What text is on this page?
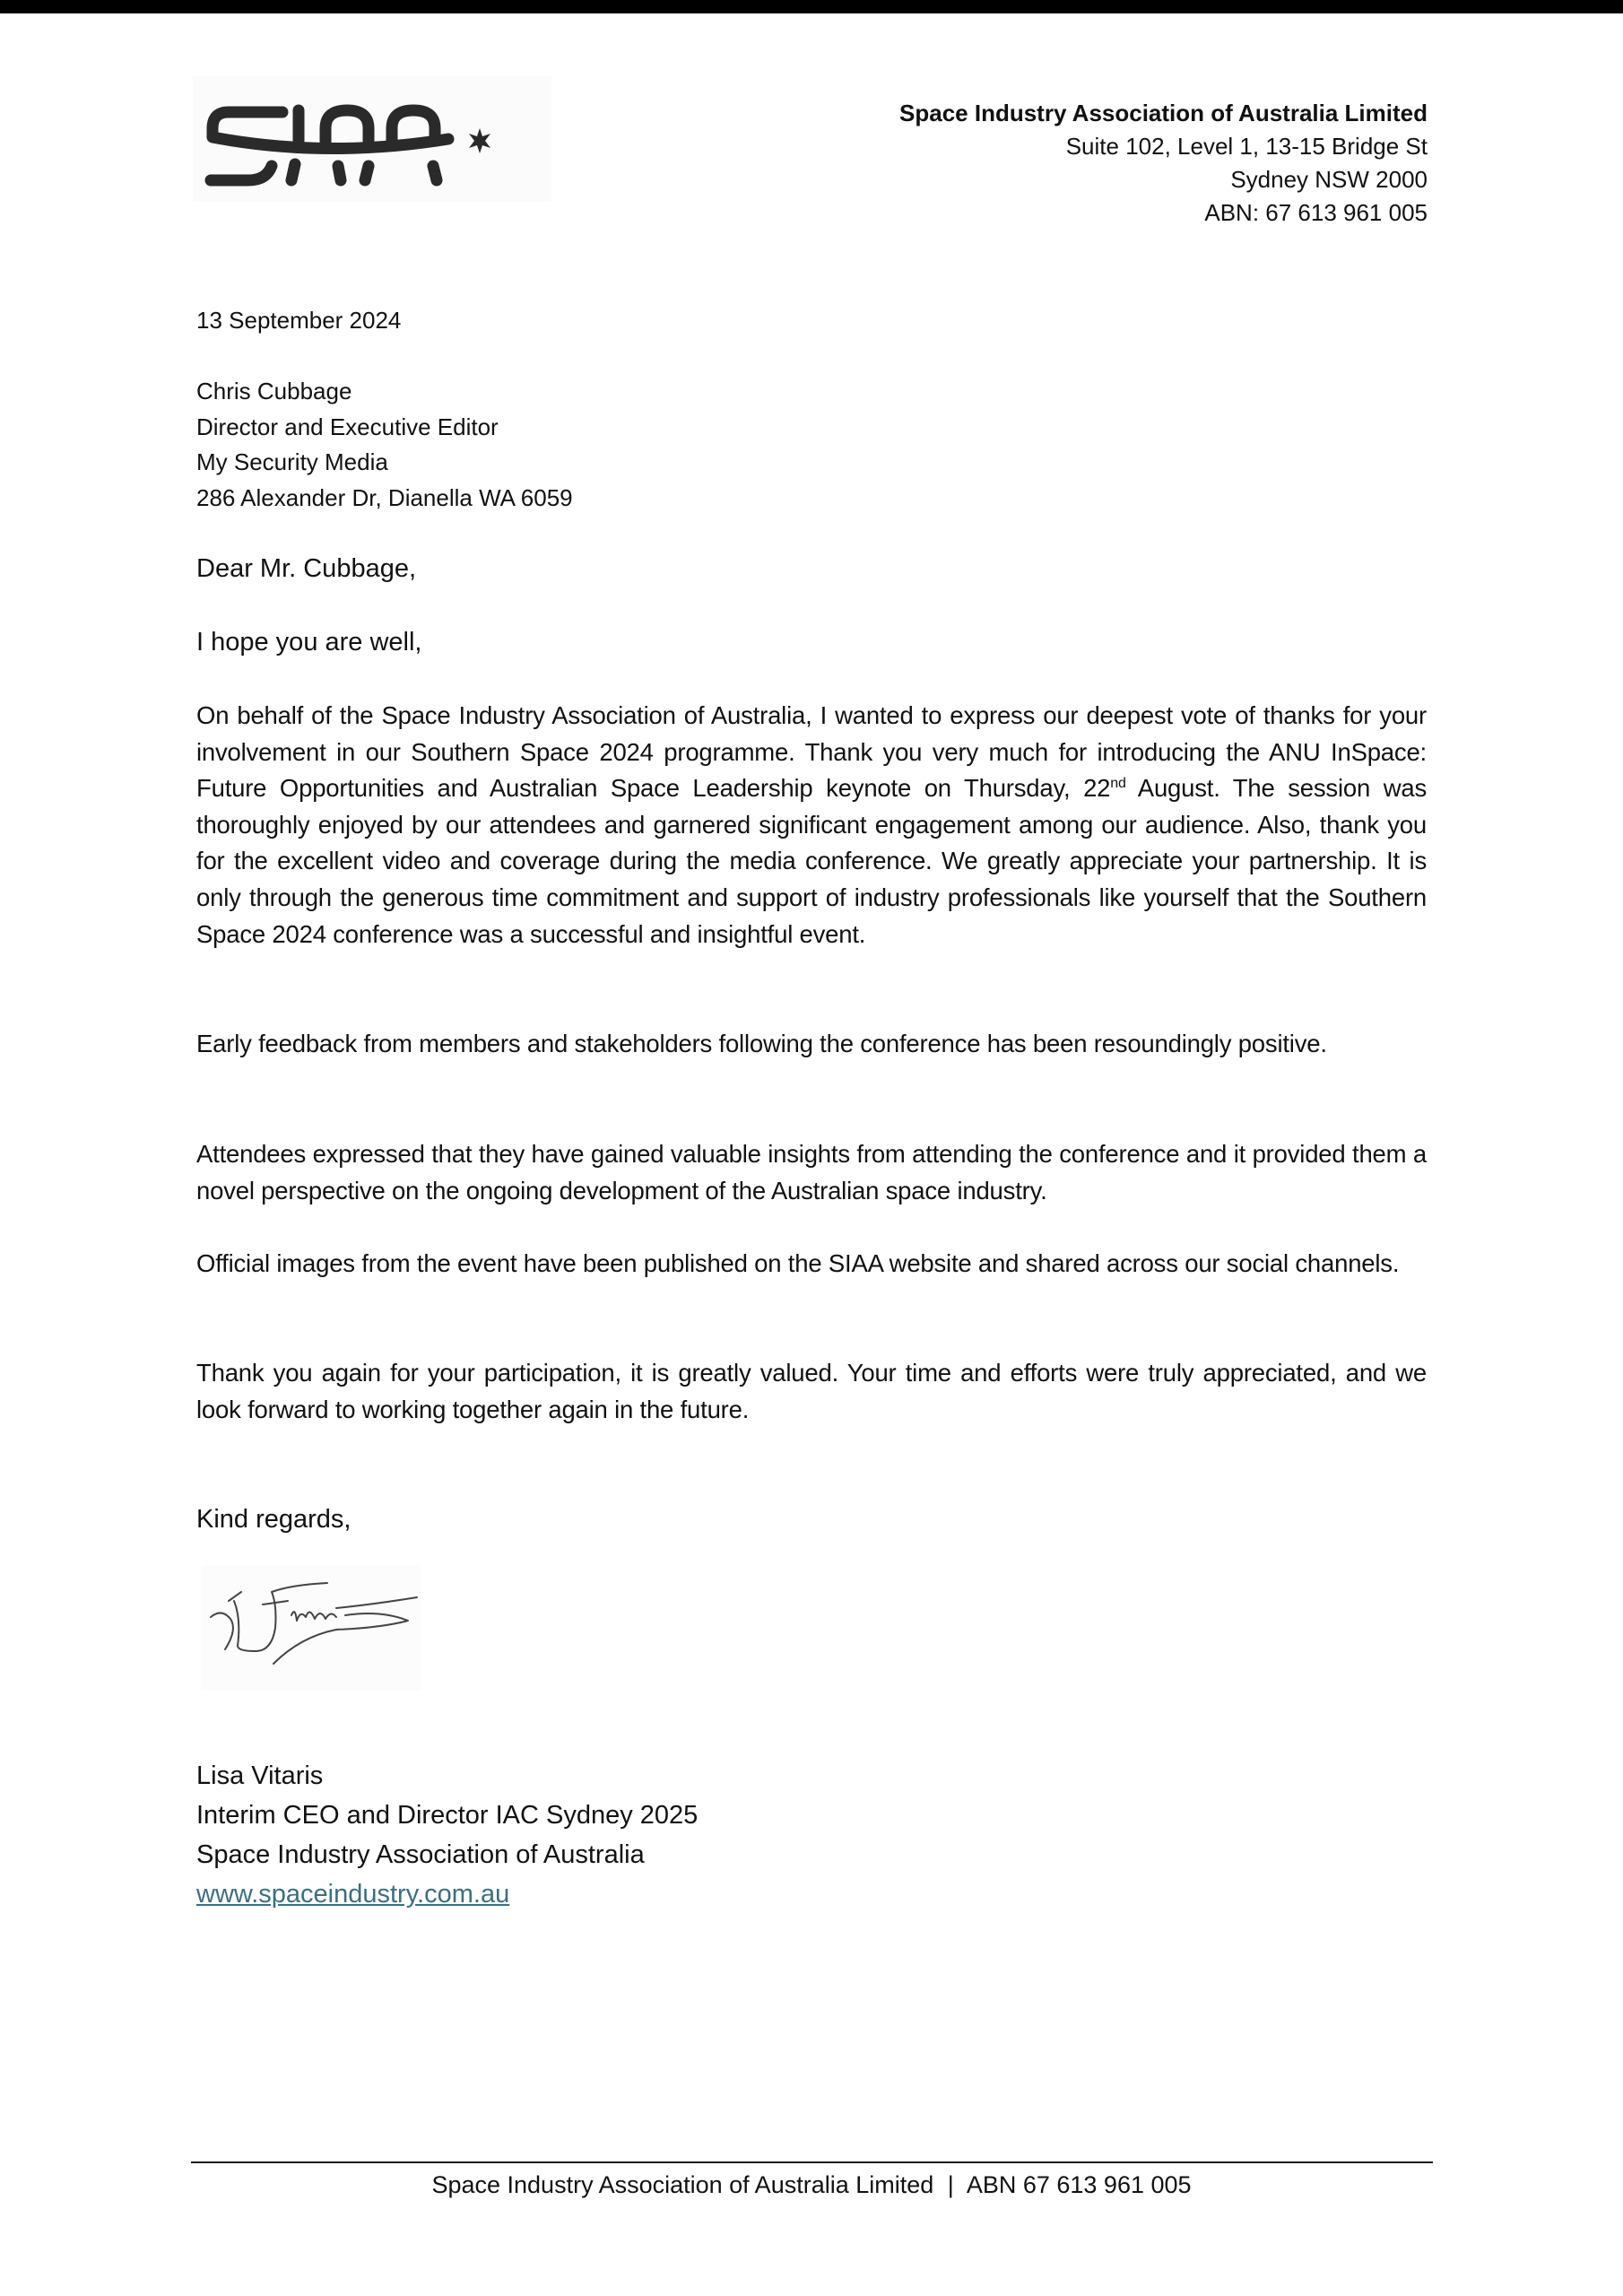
Space Industry Association of Australia Limited
Suite 102, Level 1, 13-15 Bridge St
Sydney NSW 2000
ABN: 67 613 961 005
13 September 2024
Chris Cubbage
Director and Executive Editor
My Security Media
286 Alexander Dr, Dianella WA 6059
Dear Mr. Cubbage,
I hope you are well,
On behalf of the Space Industry Association of Australia, I wanted to express our deepest vote of thanks for your involvement in our Southern Space 2024 programme. Thank you very much for introducing the ANU InSpace: Future Opportunities and Australian Space Leadership keynote on Thursday, 22nd August. The session was thoroughly enjoyed by our attendees and garnered significant engagement among our audience. Also, thank you for the excellent video and coverage during the media conference. We greatly appreciate your partnership. It is only through the generous time commitment and support of industry professionals like yourself that the Southern Space 2024 conference was a successful and insightful event.
Early feedback from members and stakeholders following the conference has been resoundingly positive.
Attendees expressed that they have gained valuable insights from attending the conference and it provided them a novel perspective on the ongoing development of the Australian space industry.
Official images from the event have been published on the SIAA website and shared across our social channels.
Thank you again for your participation, it is greatly valued. Your time and efforts were truly appreciated, and we look forward to working together again in the future.
Kind regards,
Lisa Vitaris
Interim CEO and Director IAC Sydney 2025
Space Industry Association of Australia
www.spaceindustry.com.au
Space Industry Association of Australia Limited | ABN 67 613 961 005
